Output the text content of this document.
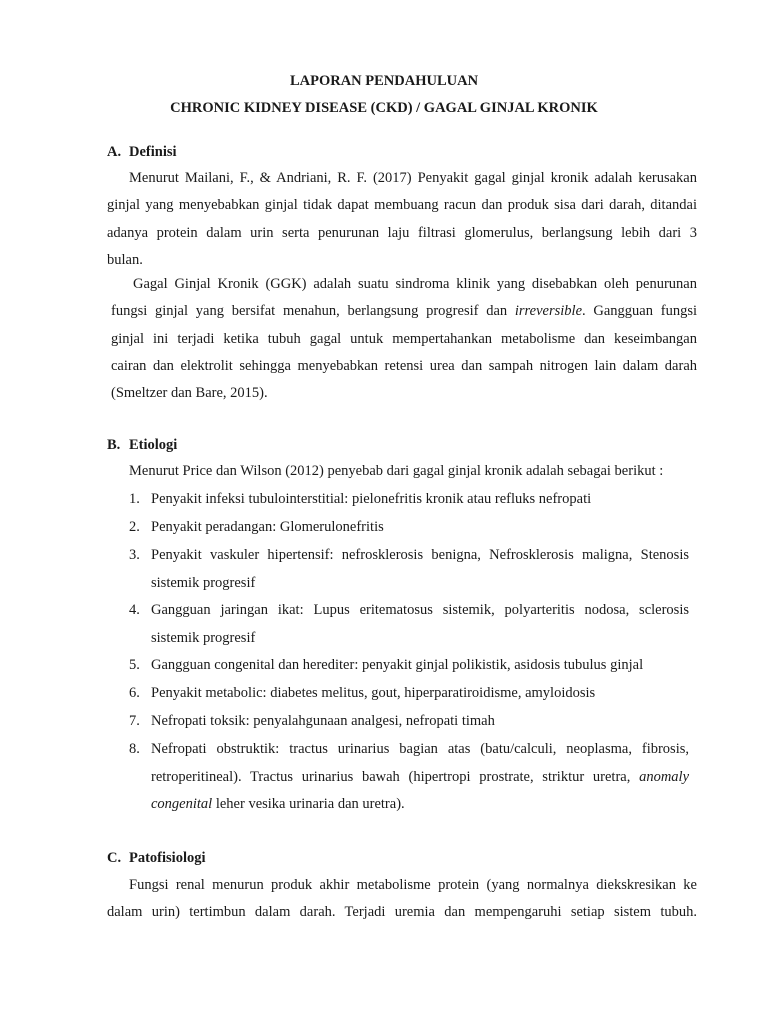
LAPORAN PENDAHULUAN
CHRONIC KIDNEY DISEASE (CKD) / GAGAL GINJAL KRONIK
A. Definisi
Menurut Mailani, F., & Andriani, R. F. (2017) Penyakit gagal ginjal kronik adalah kerusakan
ginjal yang menyebabkan ginjal tidak dapat membuang racun dan produk sisa dari darah, ditandai
adanya protein dalam urin serta penurunan laju filtrasi glomerulus, berlangsung lebih dari 3
bulan.
Gagal Ginjal Kronik (GGK) adalah suatu sindroma klinik yang disebabkan oleh penurunan
fungsi ginjal yang bersifat menahun, berlangsung progresif dan irreversible. Gangguan fungsi
ginjal ini terjadi ketika tubuh gagal untuk mempertahankan metabolisme dan keseimbangan
cairan dan elektrolit sehingga menyebabkan retensi urea dan sampah nitrogen lain dalam darah
(Smeltzer dan Bare, 2015).
B. Etiologi
Menurut Price dan Wilson (2012) penyebab dari gagal ginjal kronik adalah sebagai berikut :
1. Penyakit infeksi tubulointerstitial: pielonefritis kronik atau refluks nefropati
2. Penyakit peradangan: Glomerulonefritis
3. Penyakit vaskuler hipertensif: nefrosklerosis benigna, Nefrosklerosis maligna, Stenosis
sistemik progresif
4. Gangguan jaringan ikat: Lupus eritematosus sistemik, polyarteritis nodosa, sclerosis
sistemik progresif
5. Gangguan congenital dan herediter: penyakit ginjal polikistik, asidosis tubulus ginjal
6. Penyakit metabolic: diabetes melitus, gout, hiperparatiroidisme, amyloidosis
7. Nefropati toksik: penyalahgunaan analgesi, nefropati timah
8. Nefropati obstruktik: tractus urinarius bagian atas (batu/calculi, neoplasma, fibrosis,
retroperitineal). Tractus urinarius bawah (hipertropi prostrate, striktur uretra, anomaly
congenital leher vesika urinaria dan uretra).
C. Patofisiologi
Fungsi renal menurun produk akhir metabolisme protein (yang normalnya diekskresikan ke
dalam urin) tertimbun dalam darah. Terjadi uremia dan mempengaruhi setiap sistem tubuh.
